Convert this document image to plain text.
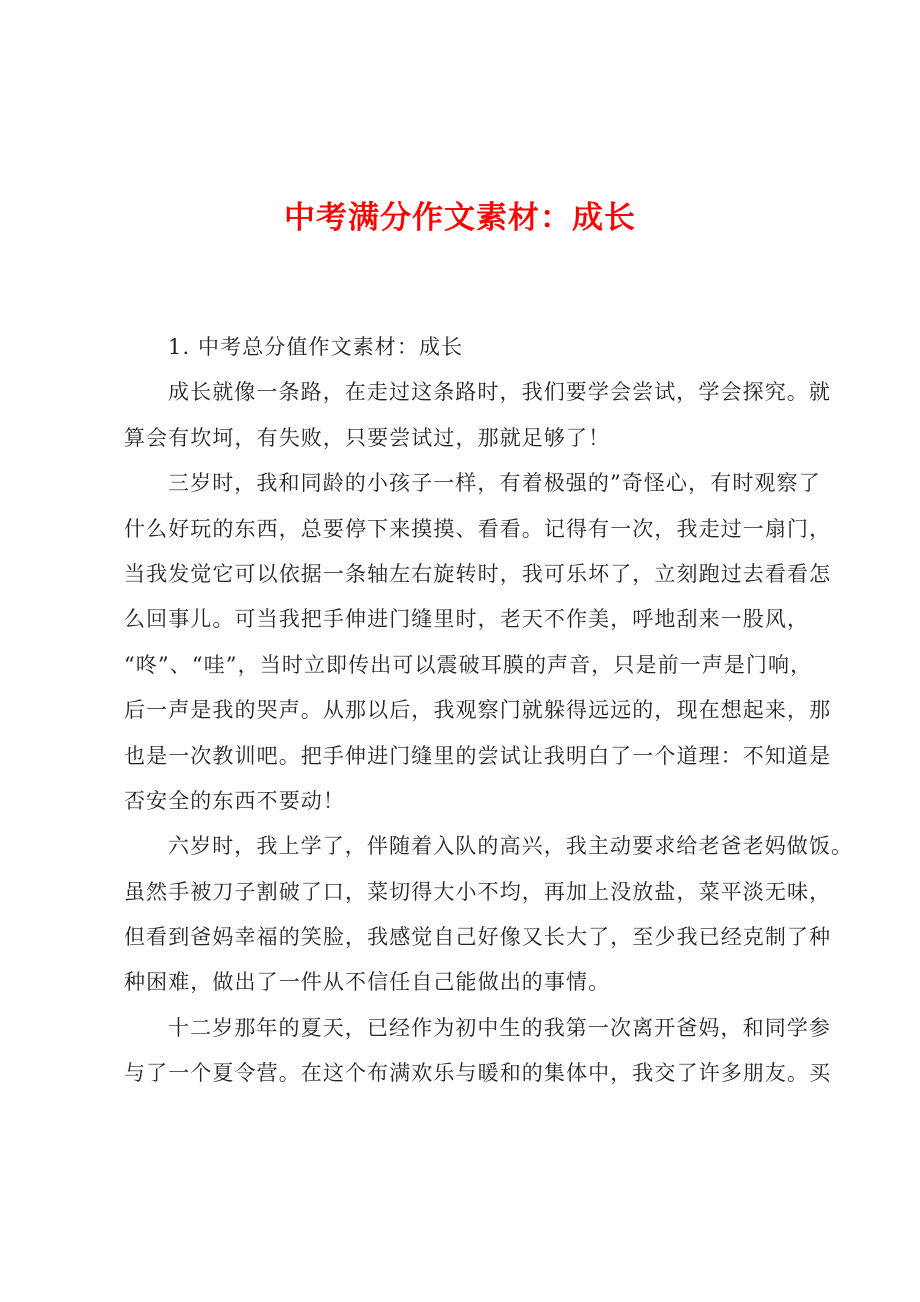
中考满分作文素材：成长
1. 中考总分值作文素材：成长
成长就像一条路，在走过这条路时，我们要学会尝试，学会探究。就
算会有坎坷，有失败，只要尝试过，那就足够了！
三岁时，我和同龄的小孩子一样，有着极强的”奇怪心，有时观察了
什么好玩的东西，总要停下来摸摸、看看。记得有一次，我走过一扇门，
当我发觉它可以依据一条轴左右旋转时，我可乐坏了，立刻跑过去看看怎
么回事儿。可当我把手伸进门缝里时，老天不作美，呼地刮来一股风，
“咚”、“哇”，当时立即传出可以震破耳膜的声音，只是前一声是门响，
后一声是我的哭声。从那以后，我观察门就躲得远远的，现在想起来，那
也是一次教训吧。把手伸进门缝里的尝试让我明白了一个道理：不知道是
否安全的东西不要动！
六岁时，我上学了，伴随着入队的高兴，我主动要求给老爸老妈做饭。
虽然手被刀子割破了口，菜切得大小不均，再加上没放盐，菜平淡无味，
但看到爸妈幸福的笑脸，我感觉自己好像又长大了，至少我已经克制了种
种困难，做出了一件从不信任自己能做出的事情。
十二岁那年的夏天，已经作为初中生的我第一次离开爸妈，和同学参
与了一个夏令营。在这个布满欢乐与暖和的集体中，我交了许多朋友。买
